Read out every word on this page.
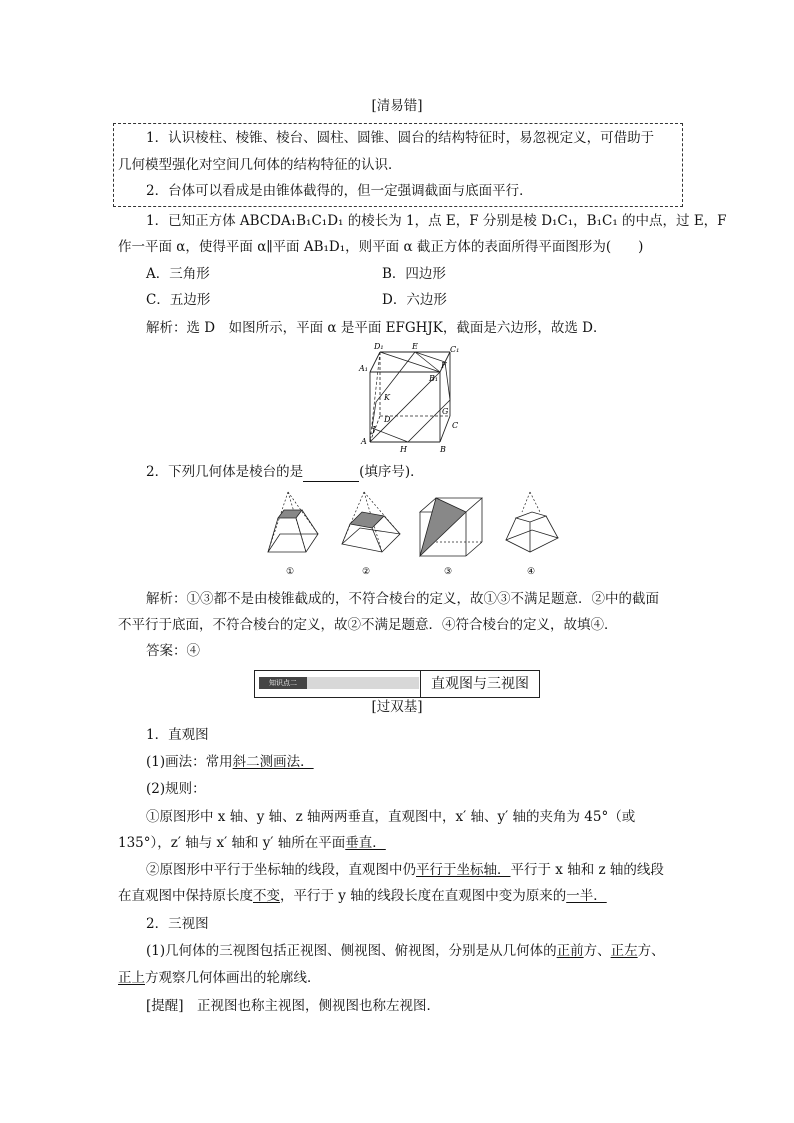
[清易错]
1．认识棱柱、棱锥、棱台、圆柱、圆锥、圆台的结构特征时，易忽视定义，可借助于
几何模型强化对空间几何体的结构特征的认识．
2．台体可以看成是由锥体截得的，但一定强调截面与底面平行．
1．已知正方体 ABCDA₁B₁C₁D₁ 的棱长为 1，点 E，F 分别是棱 D₁C₁，B₁C₁ 的中点，过 E，F
作一平面 α，使得平面 α∥平面 AB₁D₁，则平面 α 截正方体的表面所得平面图形为(　　)
A．三角形	B．四边形
C．五边形	D．六边形
解析：选 D　如图所示，平面 α 是平面 EFGHJK，截面是六边形，故选 D．
D₁	E	C₁
A₁
B₁
F
K
D
G
C
A
J
B
H
2．下列几何体是棱台的是	(填序号)．
①	②	③	④
解析：①③都不是由棱锥截成的，不符合棱台的定义，故①③不满足题意．②中的截面
不平行于底面，不符合棱台的定义，故②不满足题意．④符合棱台的定义，故填④．
答案：④
知识点二	直观图与三视图
[过双基]
1．直观图
(1)画法：常用斜二测画法．
(2)规则：
①原图形中 x 轴、y 轴、z 轴两两垂直，直观图中，x′ 轴、y′ 轴的夹角为 45°（或
135°），z′ 轴与 x′ 轴和 y′ 轴所在平面垂直．
②原图形中平行于坐标轴的线段，直观图中仍平行于坐标轴．平行于 x 轴和 z 轴的线段
在直观图中保持原长度不变，平行于 y 轴的线段长度在直观图中变为原来的一半．
2．三视图
(1)几何体的三视图包括正视图、侧视图、俯视图，分别是从几何体的正前方、正左方、
正上方观察几何体画出的轮廓线．
[提醒]　正视图也称主视图，侧视图也称左视图．
